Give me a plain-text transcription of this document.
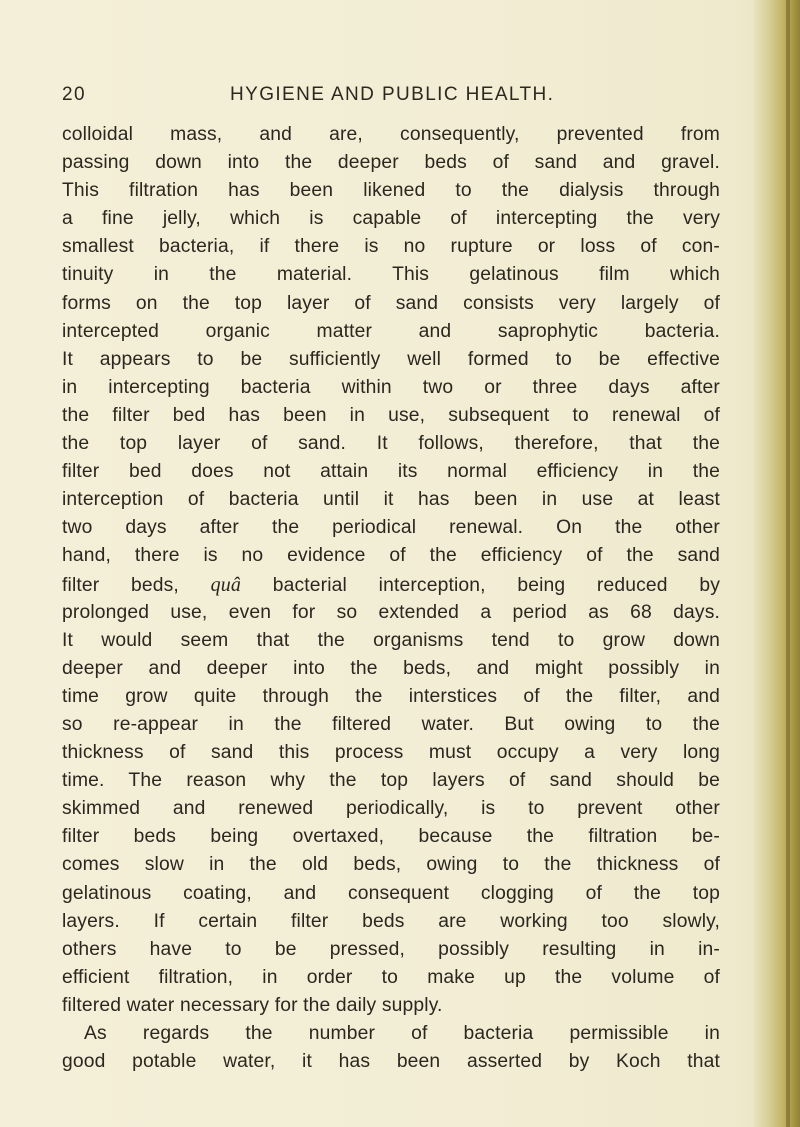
20	HYGIENE AND PUBLIC HEALTH.
colloidal mass, and are, consequently, prevented from
passing down into the deeper beds of sand and gravel.
This filtration has been likened to the dialysis through
a fine jelly, which is capable of intercepting the very
smallest bacteria, if there is no rupture or loss of con-
tinuity in the material. This gelatinous film which
forms on the top layer of sand consists very largely of
intercepted organic matter and saprophytic bacteria.
It appears to be sufficiently well formed to be effective
in intercepting bacteria within two or three days after
the filter bed has been in use, subsequent to renewal of
the top layer of sand. It follows, therefore, that the
filter bed does not attain its normal efficiency in the
interception of bacteria until it has been in use at least
two days after the periodical renewal. On the other
hand, there is no evidence of the efficiency of the sand
filter beds, quâ bacterial interception, being reduced by
prolonged use, even for so extended a period as 68 days.
It would seem that the organisms tend to grow down
deeper and deeper into the beds, and might possibly in
time grow quite through the interstices of the filter, and
so re-appear in the filtered water. But owing to the
thickness of sand this process must occupy a very long
time. The reason why the top layers of sand should be
skimmed and renewed periodically, is to prevent other
filter beds being overtaxed, because the filtration be-
comes slow in the old beds, owing to the thickness of
gelatinous coating, and consequent clogging of the top
layers. If certain filter beds are working too slowly,
others have to be pressed, possibly resulting in in-
efficient filtration, in order to make up the volume of
filtered water necessary for the daily supply.
As regards the number of bacteria permissible in
good potable water, it has been asserted by Koch that
